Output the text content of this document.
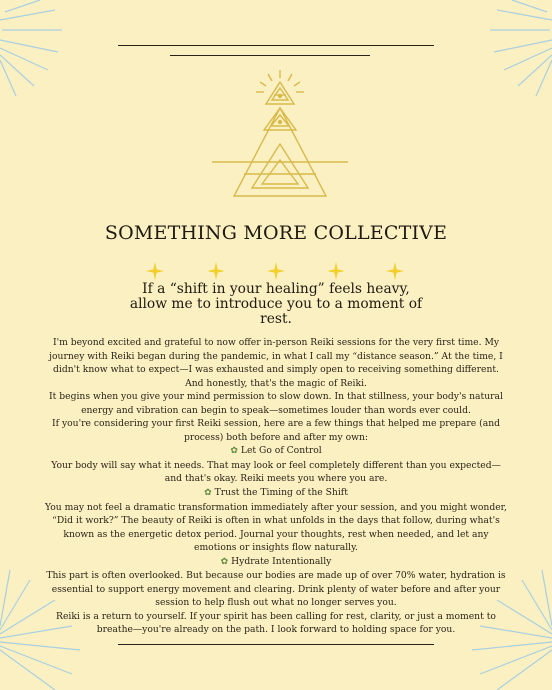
SOMETHING MORE COLLECTIVE
If a “shift in your healing” feels heavy, allow me to introduce you to a moment of rest.

I'm beyond excited and grateful to now offer in-person Reiki sessions for the very first time. My journey with Reiki began during the pandemic, in what I call my “distance season.” At the time, I didn't know what to expect—I was exhausted and simply open to receiving something different.

And honestly, that's the magic of Reiki.

It begins when you give your mind permission to slow down. In that stillness, your body's natural energy and vibration can begin to speak—sometimes louder than words ever could.

If you're considering your first Reiki session, here are a few things that helped me prepare (and process) both before and after my own:

✿ Let Go of Control

Your body will say what it needs. That may look or feel completely different than you expected—and that's okay. Reiki meets you where you are.

✿ Trust the Timing of the Shift

You may not feel a dramatic transformation immediately after your session, and you might wonder, “Did it work?” The beauty of Reiki is often in what unfolds in the days that follow, during what's known as the energetic detox period. Journal your thoughts, rest when needed, and let any emotions or insights flow naturally.

✿ Hydrate Intentionally

This part is often overlooked. But because our bodies are made up of over 70% water, hydration is essential to support energy movement and clearing. Drink plenty of water before and after your session to help flush out what no longer serves you.

Reiki is a return to yourself. If your spirit has been calling for rest, clarity, or just a moment to breathe—you're already on the path. I look forward to holding space for you.
